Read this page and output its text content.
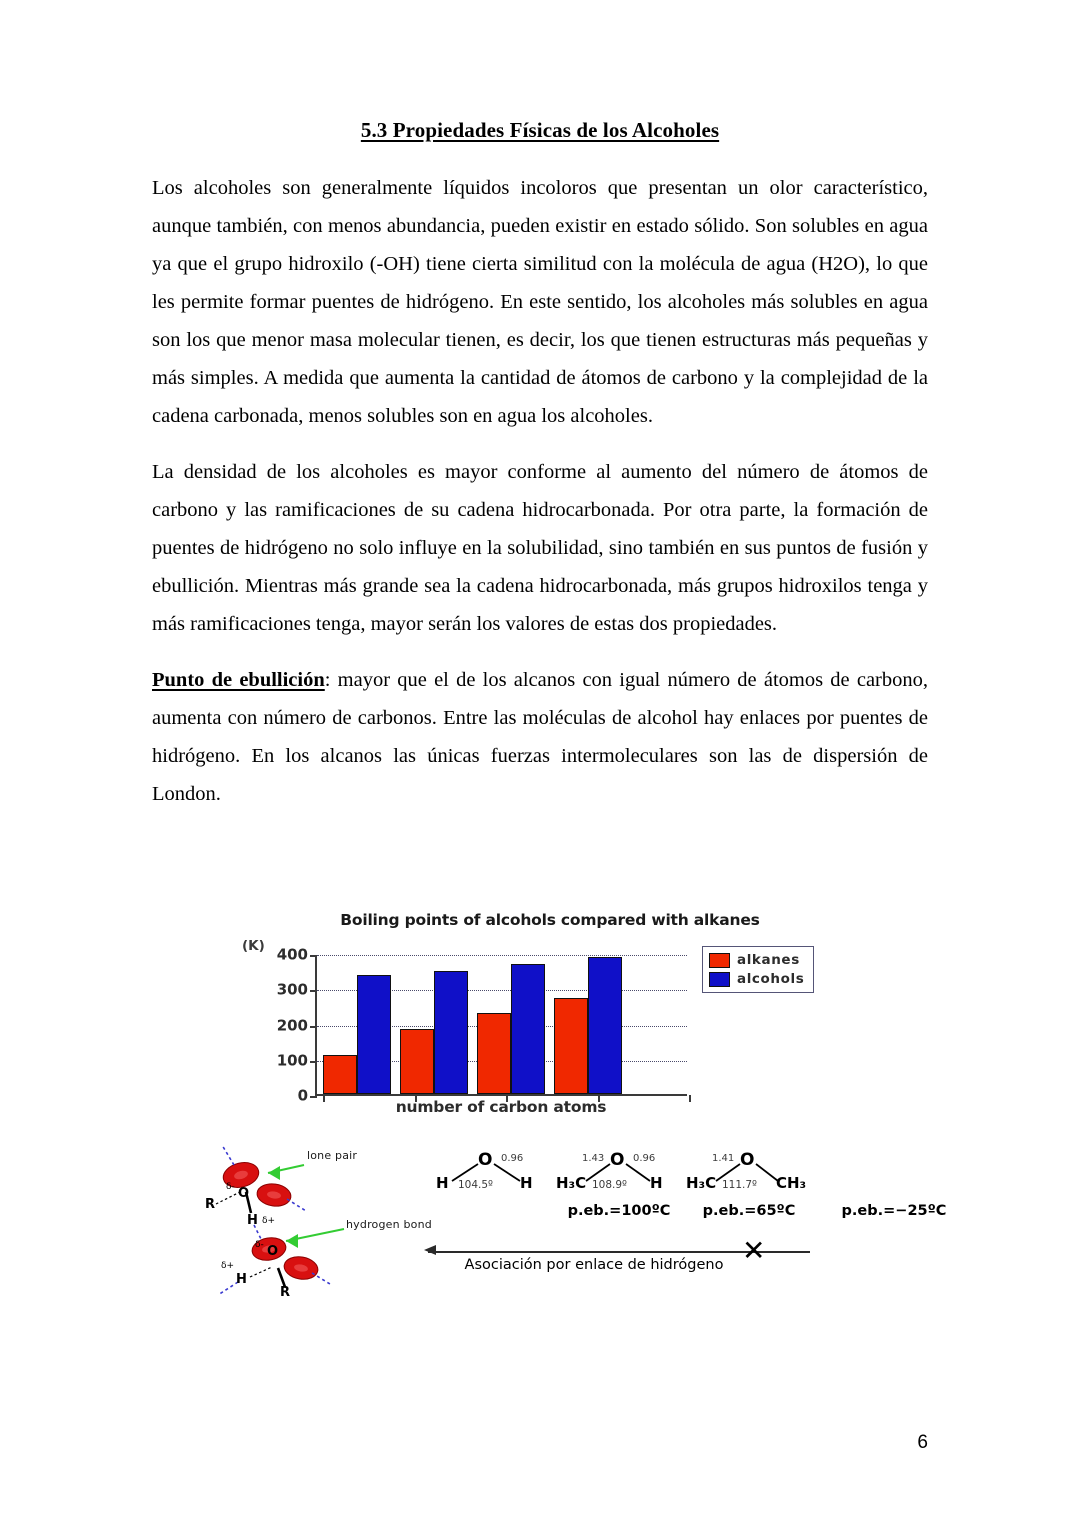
5.3 Propiedades Físicas de los Alcoholes

Los alcoholes son generalmente líquidos incoloros que presentan un olor característico, aunque también, con menos abundancia, pueden existir en estado sólido. Son solubles en agua ya que el grupo hidroxilo (-OH) tiene cierta similitud con la molécula de agua (H2O), lo que les permite formar puentes de hidrógeno. En este sentido, los alcoholes más solubles en agua son los que menor masa molecular tienen, es decir, los que tienen estructuras más pequeñas y más simples. A medida que aumenta la cantidad de átomos de carbono y la complejidad de la cadena carbonada, menos solubles son en agua los alcoholes.

La densidad de los alcoholes es mayor conforme al aumento del número de átomos de carbono y las ramificaciones de su cadena hidrocarbonada. Por otra parte, la formación de puentes de hidrógeno no solo influye en la solubilidad, sino también en sus puntos de fusión y ebullición. Mientras más grande sea la cadena hidrocarbonada, más grupos hidroxilos tenga y más ramificaciones tenga, mayor serán los valores de estas dos propiedades.

Punto de ebullición: mayor que el de los alcanos con igual número de átomos de carbono, aumenta con número de carbonos. Entre las moléculas de alcohol hay enlaces por puentes de hidrógeno. En los alcanos las únicas fuerzas intermoleculares son las de dispersión de London.

Boiling points of alcohols compared with alkanes
(K)
0
100
200
300
400
number of carbon atoms
alkanes
alcohols
lone pair
hydrogen bond
R
O
H
δ-
δ+
O
R
H
δ-
δ+
O
H	H
0.96
104.5º
p.eb.=100ºC
O
H₃C	H
1.43	0.96
108.9º
p.eb.=65ºC
O
H₃C	CH₃
1.41
111.7º
p.eb.=−25ºC
Asociación por enlace de hidrógeno ✕
6
